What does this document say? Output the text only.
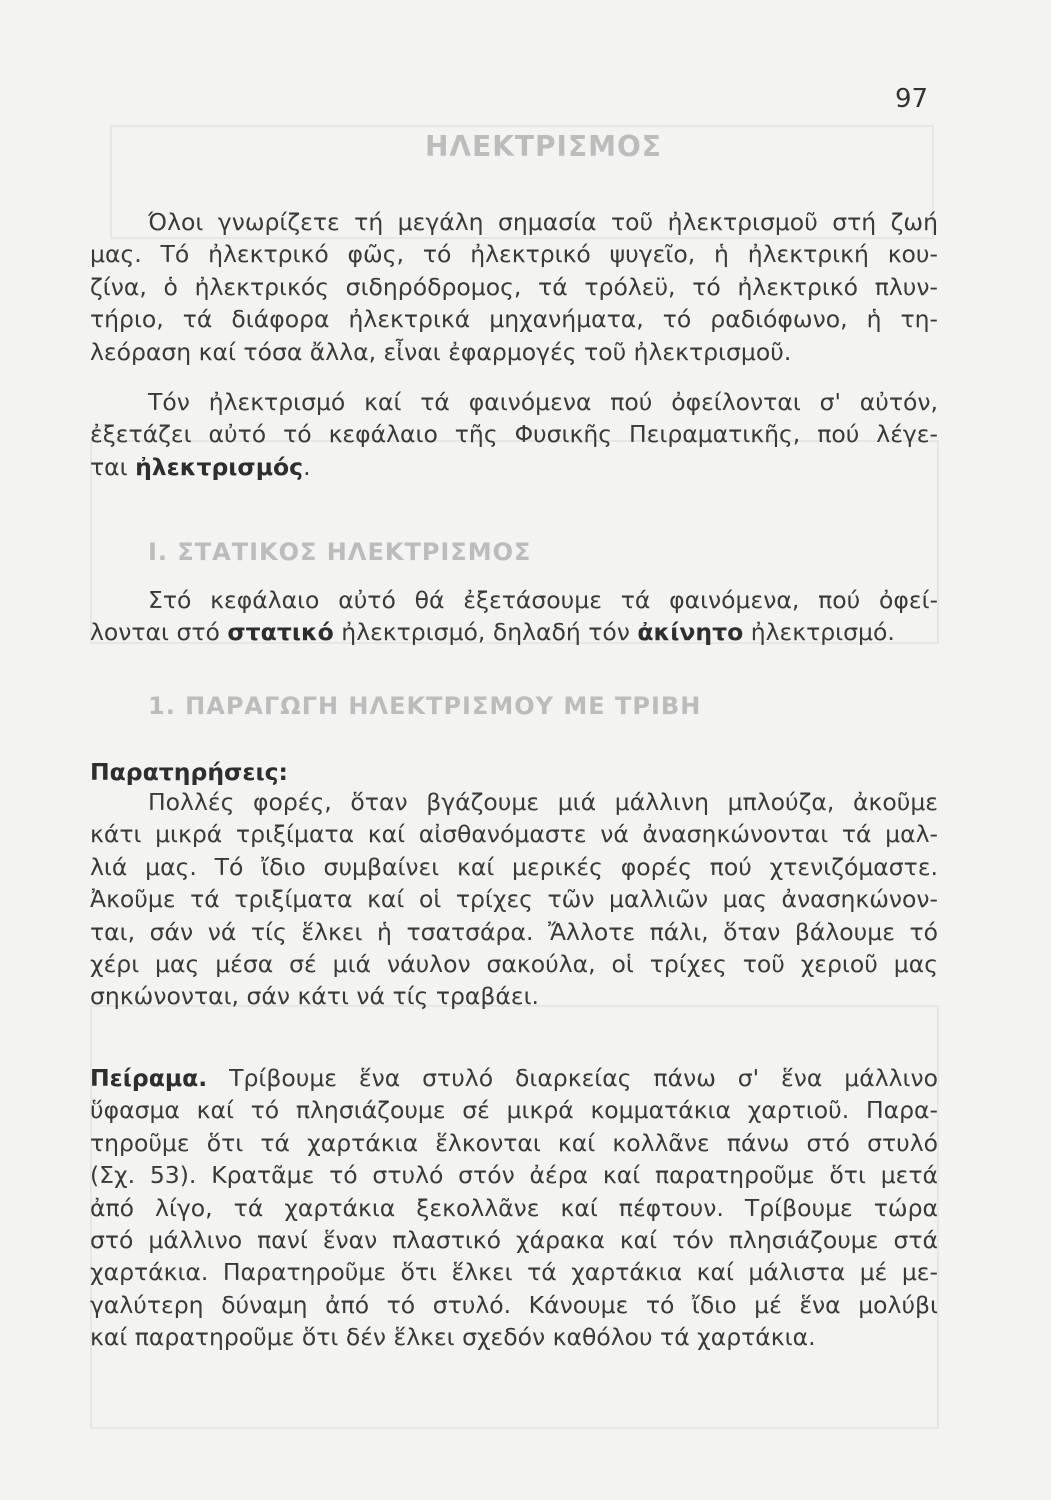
97
ΗΛΕΚΤΡΙΣΜΟΣ
Όλοι γνωρίζετε τή μεγάλη σημασία τοῦ ἠλεκτρισμοῦ στή ζωή
μας. Τό ἠλεκτρικό φῶς, τό ἠλεκτρικό ψυγεῖο, ἡ ἠλεκτρική κου-
ζίνα, ὁ ἠλεκτρικός σιδηρόδρομος, τά τρόλεϋ, τό ἠλεκτρικό πλυν-
τήριο, τά διάφορα ἠλεκτρικά μηχανήματα, τό ραδιόφωνο, ἡ τη-
λεόραση καί τόσα ἄλλα, εἶναι ἐφαρμογές τοῦ ἠλεκτρισμοῦ.
Τόν ἠλεκτρισμό καί τά φαινόμενα πού ὀφείλονται σ' αὐτόν,
ἐξετάζει αὐτό τό κεφάλαιο τῆς Φυσικῆς Πειραματικῆς, πού λέγε-
ται ἠλεκτρισμός.
I. ΣΤΑΤΙΚΟΣ ΗΛΕΚΤΡΙΣΜΟΣ
Στό κεφάλαιο αὐτό θά ἐξετάσουμε τά φαινόμενα, πού ὀφεί-
λονται στό στατικό ἠλεκτρισμό, δηλαδή τόν ἀκίνητο ἠλεκτρισμό.
1. ΠΑΡΑΓΩΓΗ ΗΛΕΚΤΡΙΣΜΟΥ ΜΕ ΤΡΙΒΗ
Παρατηρήσεις:
Πολλές φορές, ὅταν βγάζουμε μιά μάλλινη μπλούζα, ἀκοῦμε
κάτι μικρά τριξίματα καί αἰσθανόμαστε νά ἀνασηκώνονται τά μαλ-
λιά μας. Τό ἴδιο συμβαίνει καί μερικές φορές πού χτενιζόμαστε.
Ἀκοῦμε τά τριξίματα καί οἱ τρίχες τῶν μαλλιῶν μας ἀνασηκώνον-
ται, σάν νά τίς ἕλκει ἡ τσατσάρα. Ἄλλοτε πάλι, ὅταν βάλουμε τό
χέρι μας μέσα σέ μιά νάυλον σακούλα, οἱ τρίχες τοῦ χεριοῦ μας
σηκώνονται, σάν κάτι νά τίς τραβάει.
Πείραμα. Τρίβουμε ἕνα στυλό διαρκείας πάνω σ' ἕνα μάλλινο
ὕφασμα καί τό πλησιάζουμε σέ μικρά κομματάκια χαρτιοῦ. Παρα-
τηροῦμε ὅτι τά χαρτάκια ἕλκονται καί κολλᾶνε πάνω στό στυλό
(Σχ. 53). Κρατᾶμε τό στυλό στόν ἀέρα καί παρατηροῦμε ὅτι μετά
ἀπό λίγο, τά χαρτάκια ξεκολλᾶνε καί πέφτουν. Τρίβουμε τώρα
στό μάλλινο πανί ἕναν πλαστικό χάρακα καί τόν πλησιάζουμε στά
χαρτάκια. Παρατηροῦμε ὅτι ἕλκει τά χαρτάκια καί μάλιστα μέ με-
γαλύτερη δύναμη ἀπό τό στυλό. Κάνουμε τό ἴδιο μέ ἕνα μολύβι
καί παρατηροῦμε ὅτι δέν ἕλκει σχεδόν καθόλου τά χαρτάκια.
